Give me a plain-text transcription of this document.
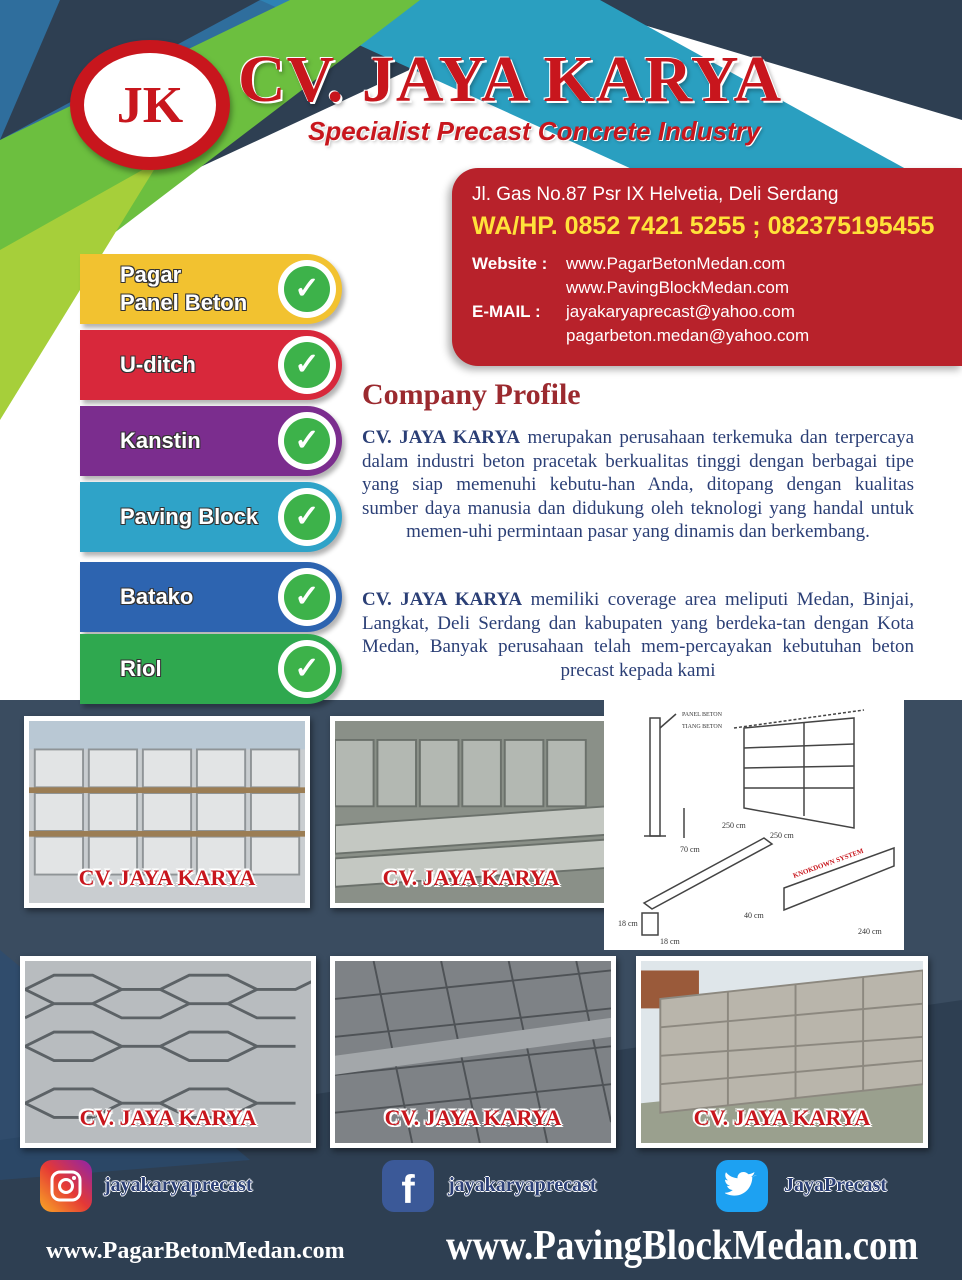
JK CV. JAYA KARYA
Specialist Precast Concrete Industry
Jl. Gas No.87 Psr IX Helvetia, Deli Serdang
WA/HP. 0852 7421 5255 ; 082375195455
Website : www.PagarBetonMedan.com
www.PavingBlockMedan.com
E-MAIL : jayakaryaprecast@yahoo.com
pagarbeton.medan@yahoo.com
Pagar
Panel Beton	✓
U-ditch	✓
Kanstin	✓
Paving Block	✓
Batako	✓
Riol	✓
Company Profile

CV. JAYA KARYA merupakan perusahaan terkemuka dan terpercaya dalam industri beton pracetak berkualitas tinggi dengan berbagai tipe yang siap memenuhi kebutu-han Anda, ditopang dengan kualitas sumber daya manusia dan didukung oleh teknologi yang handal untuk memen-uhi permintaan pasar yang dinamis dan berkembang.

CV. JAYA KARYA memiliki coverage area meliputi Medan, Binjai, Langkat, Deli Serdang dan kabupaten yang berdeka-tan dengan Kota Medan, Banyak perusahaan telah mem-percayakan kebutuhan beton precast kepada kami

CV. JAYA KARYA	CV. JAYA KARYA
PANEL BETON
TIANG BETON
70 cm
250 cm
250 cm
KNOKDOWN SYSTEM
18 cm
18 cm
40 cm
240 cm
CV. JAYA KARYA	CV. JAYA KARYA	CV. JAYA KARYA
jayakaryaprecast	f jayakaryaprecast	JayaPrecast
www.PagarBetonMedan.com www.PavingBlockMedan.com
